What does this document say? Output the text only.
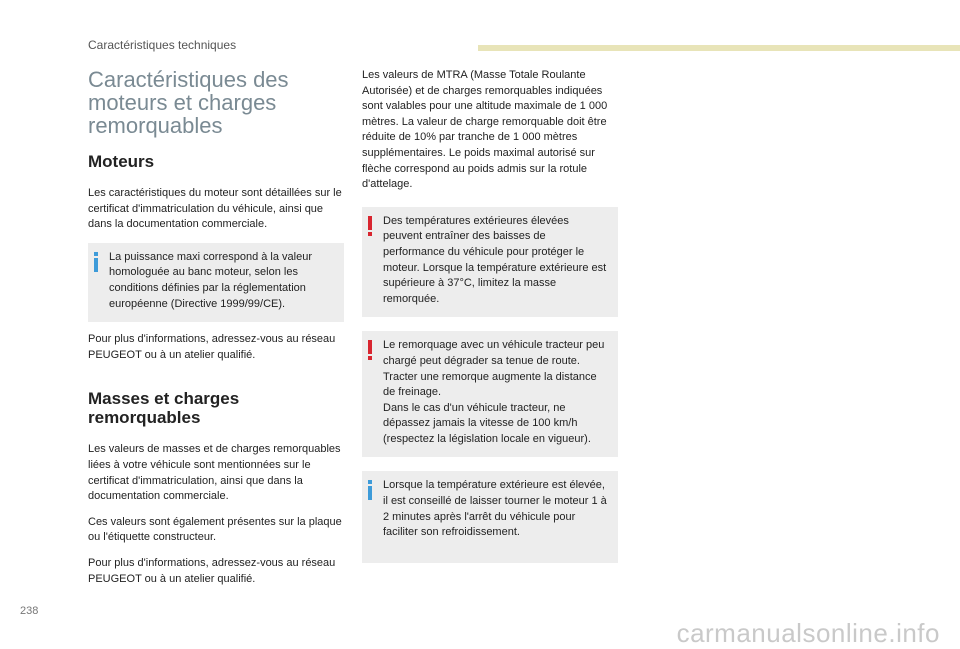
Caractéristiques techniques
Caractéristiques des moteurs et charges remorquables
Moteurs

Les caractéristiques du moteur sont détaillées sur le certificat d'immatriculation du véhicule, ainsi que dans la documentation commerciale.

La puissance maxi correspond à la valeur homologuée au banc moteur, selon les conditions définies par la réglementation européenne (Directive 1999/99/CE).

Pour plus d'informations, adressez-vous au réseau PEUGEOT ou à un atelier qualifié.

Masses et charges remorquables

Les valeurs de masses et de charges remorquables liées à votre véhicule sont mentionnées sur le certificat d'immatriculation, ainsi que dans la documentation commerciale.

Ces valeurs sont également présentes sur la plaque ou l'étiquette constructeur.

Pour plus d'informations, adressez-vous au réseau PEUGEOT ou à un atelier qualifié.

Les valeurs de MTRA (Masse Totale Roulante Autorisée) et de charges remorquables indiquées sont valables pour une altitude maximale de 1 000 mètres. La valeur de charge remorquable doit être réduite de 10% par tranche de 1 000 mètres supplémentaires. Le poids maximal autorisé sur flèche correspond au poids admis sur la rotule d'attelage.

Des températures extérieures élevées peuvent entraîner des baisses de performance du véhicule pour protéger le moteur. Lorsque la température extérieure est supérieure à 37°C, limitez la masse remorquée.
Le remorquage avec un véhicule tracteur peu chargé peut dégrader sa tenue de route.
Tracter une remorque augmente la distance de freinage.
Dans le cas d'un véhicule tracteur, ne dépassez jamais la vitesse de 100 km/h (respectez la législation locale en vigueur).
Lorsque la température extérieure est élevée, il est conseillé de laisser tourner le moteur 1 à 2 minutes après l'arrêt du véhicule pour faciliter son refroidissement.
238
carmanualsonline.info
